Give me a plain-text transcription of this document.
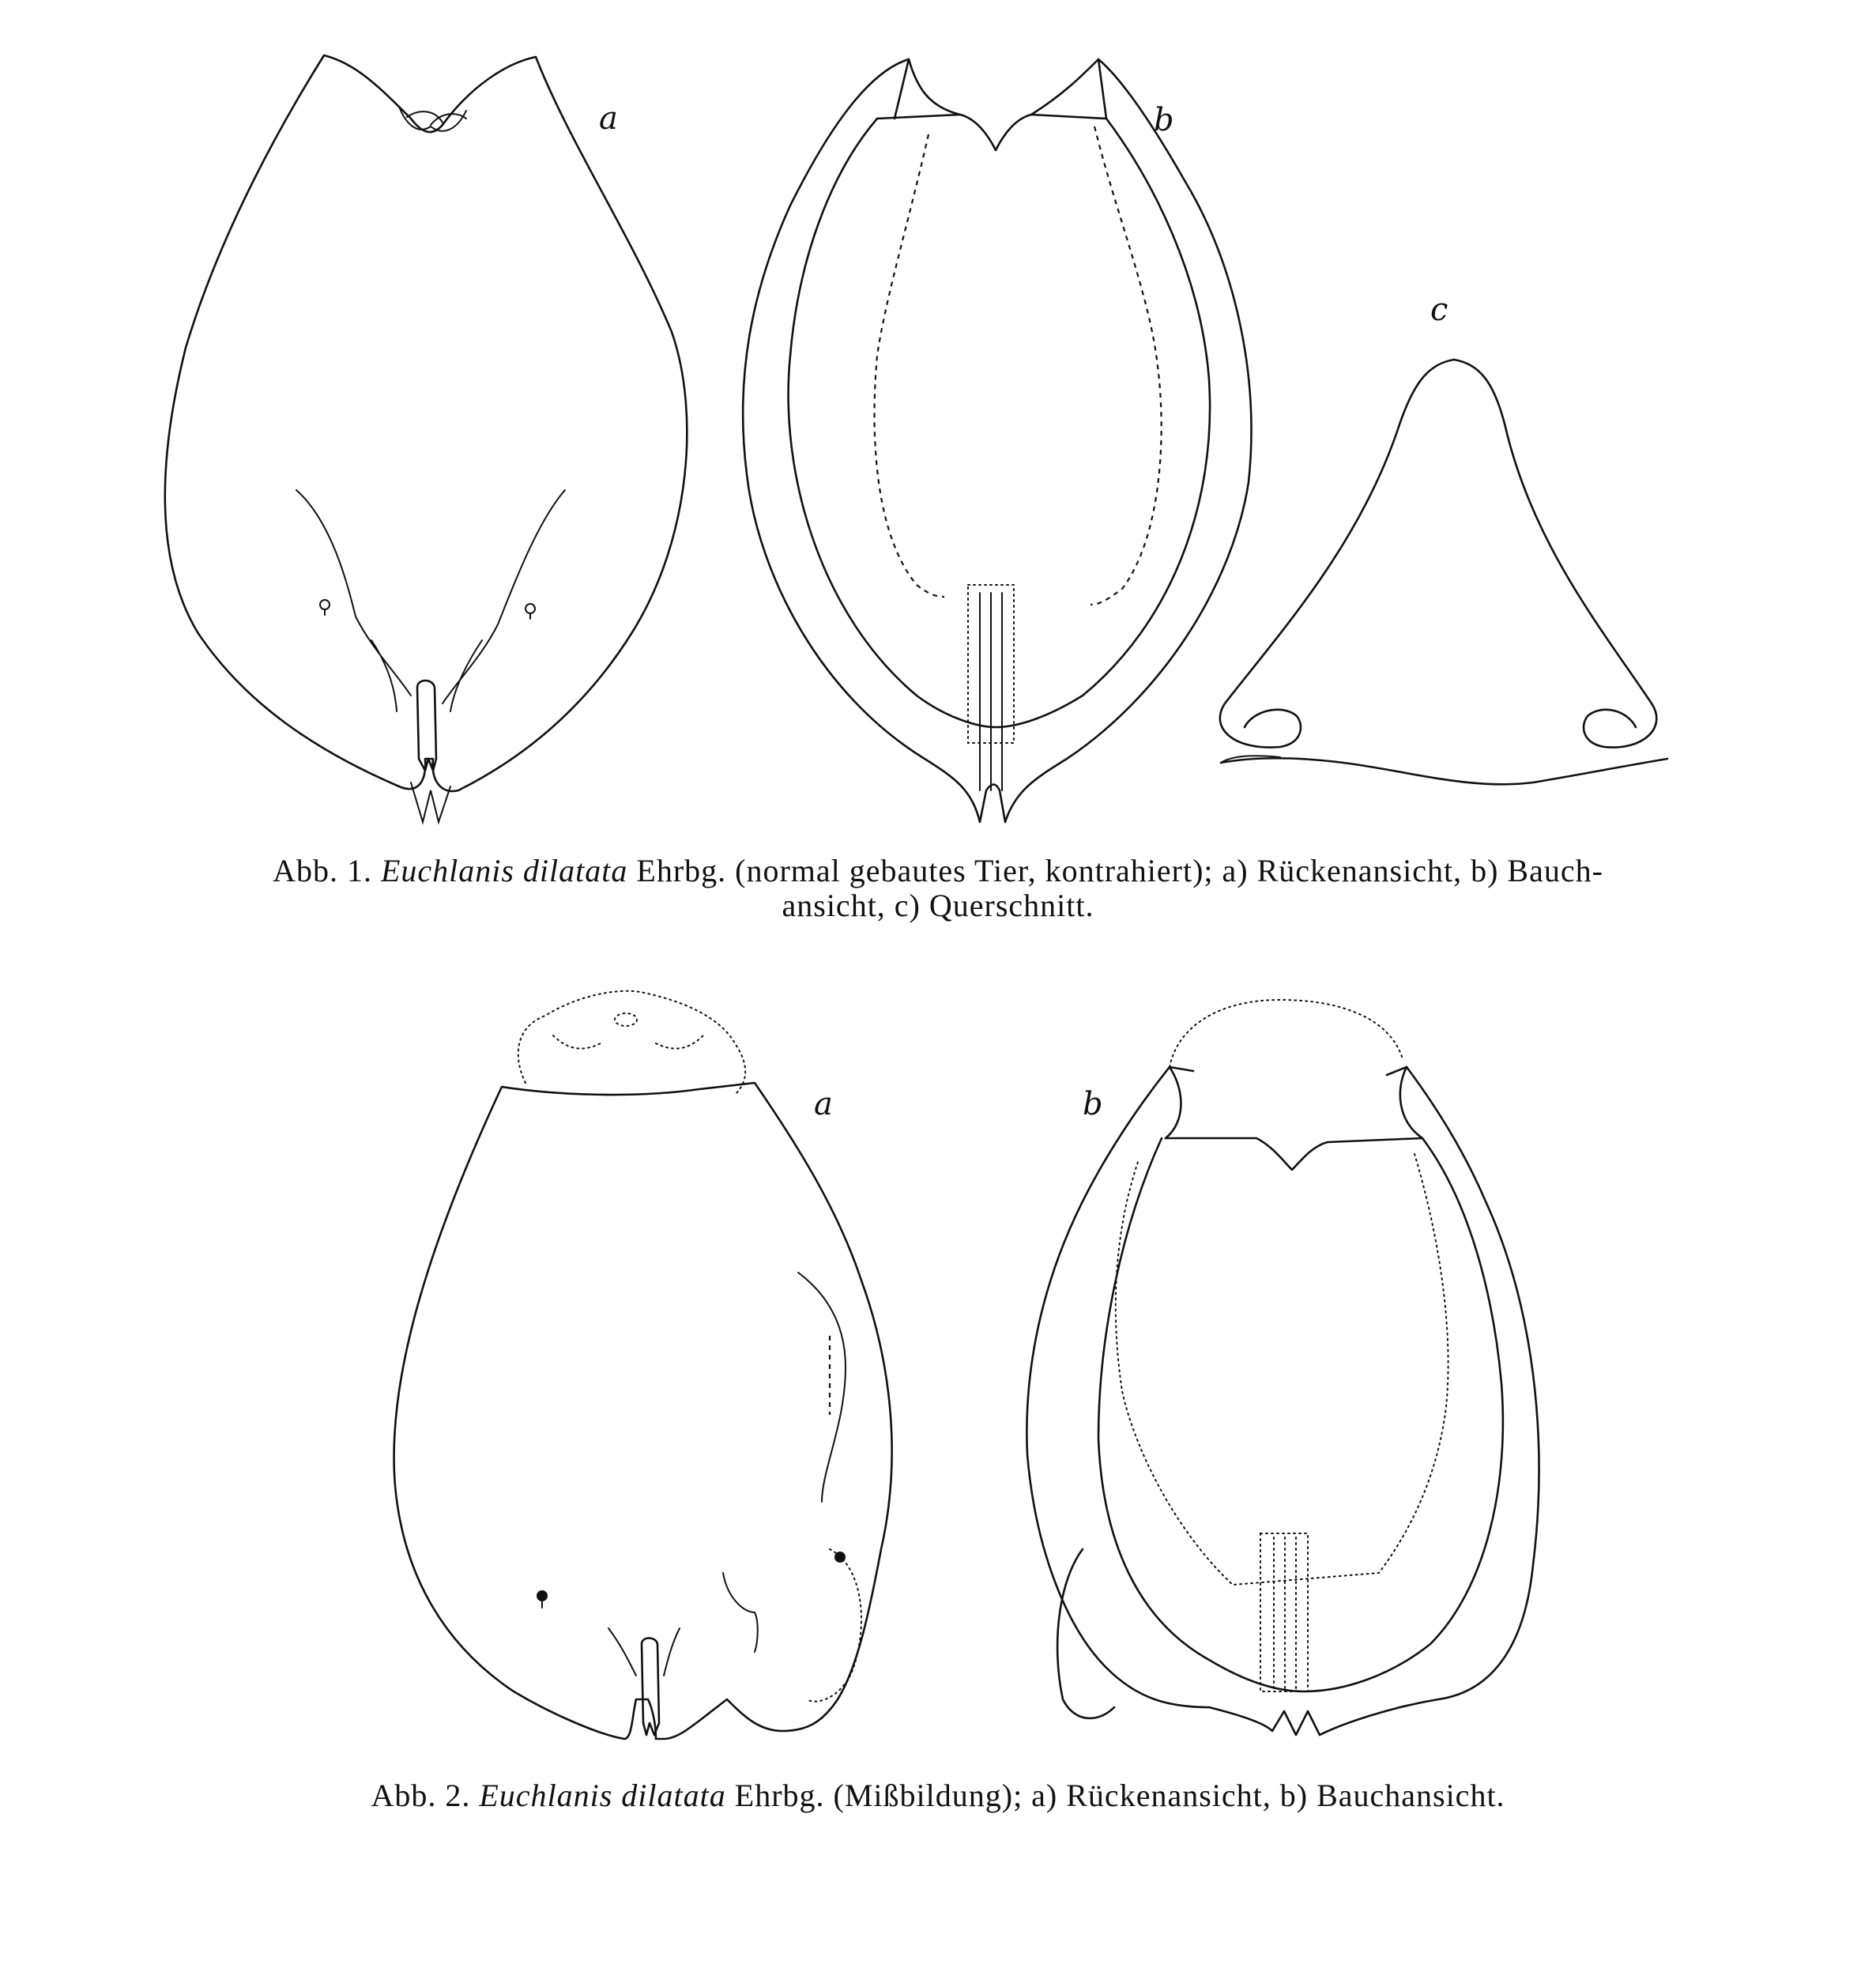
a	b
c
a	b
Abb. 1. Euchlanis dilatata Ehrbg. (normal gebautes Tier, kontrahiert); a) Rückenansicht, b) Bauch-
ansicht, c) Querschnitt.
Abb. 2. Euchlanis dilatata Ehrbg. (Mißbildung); a) Rückenansicht, b) Bauchansicht.
